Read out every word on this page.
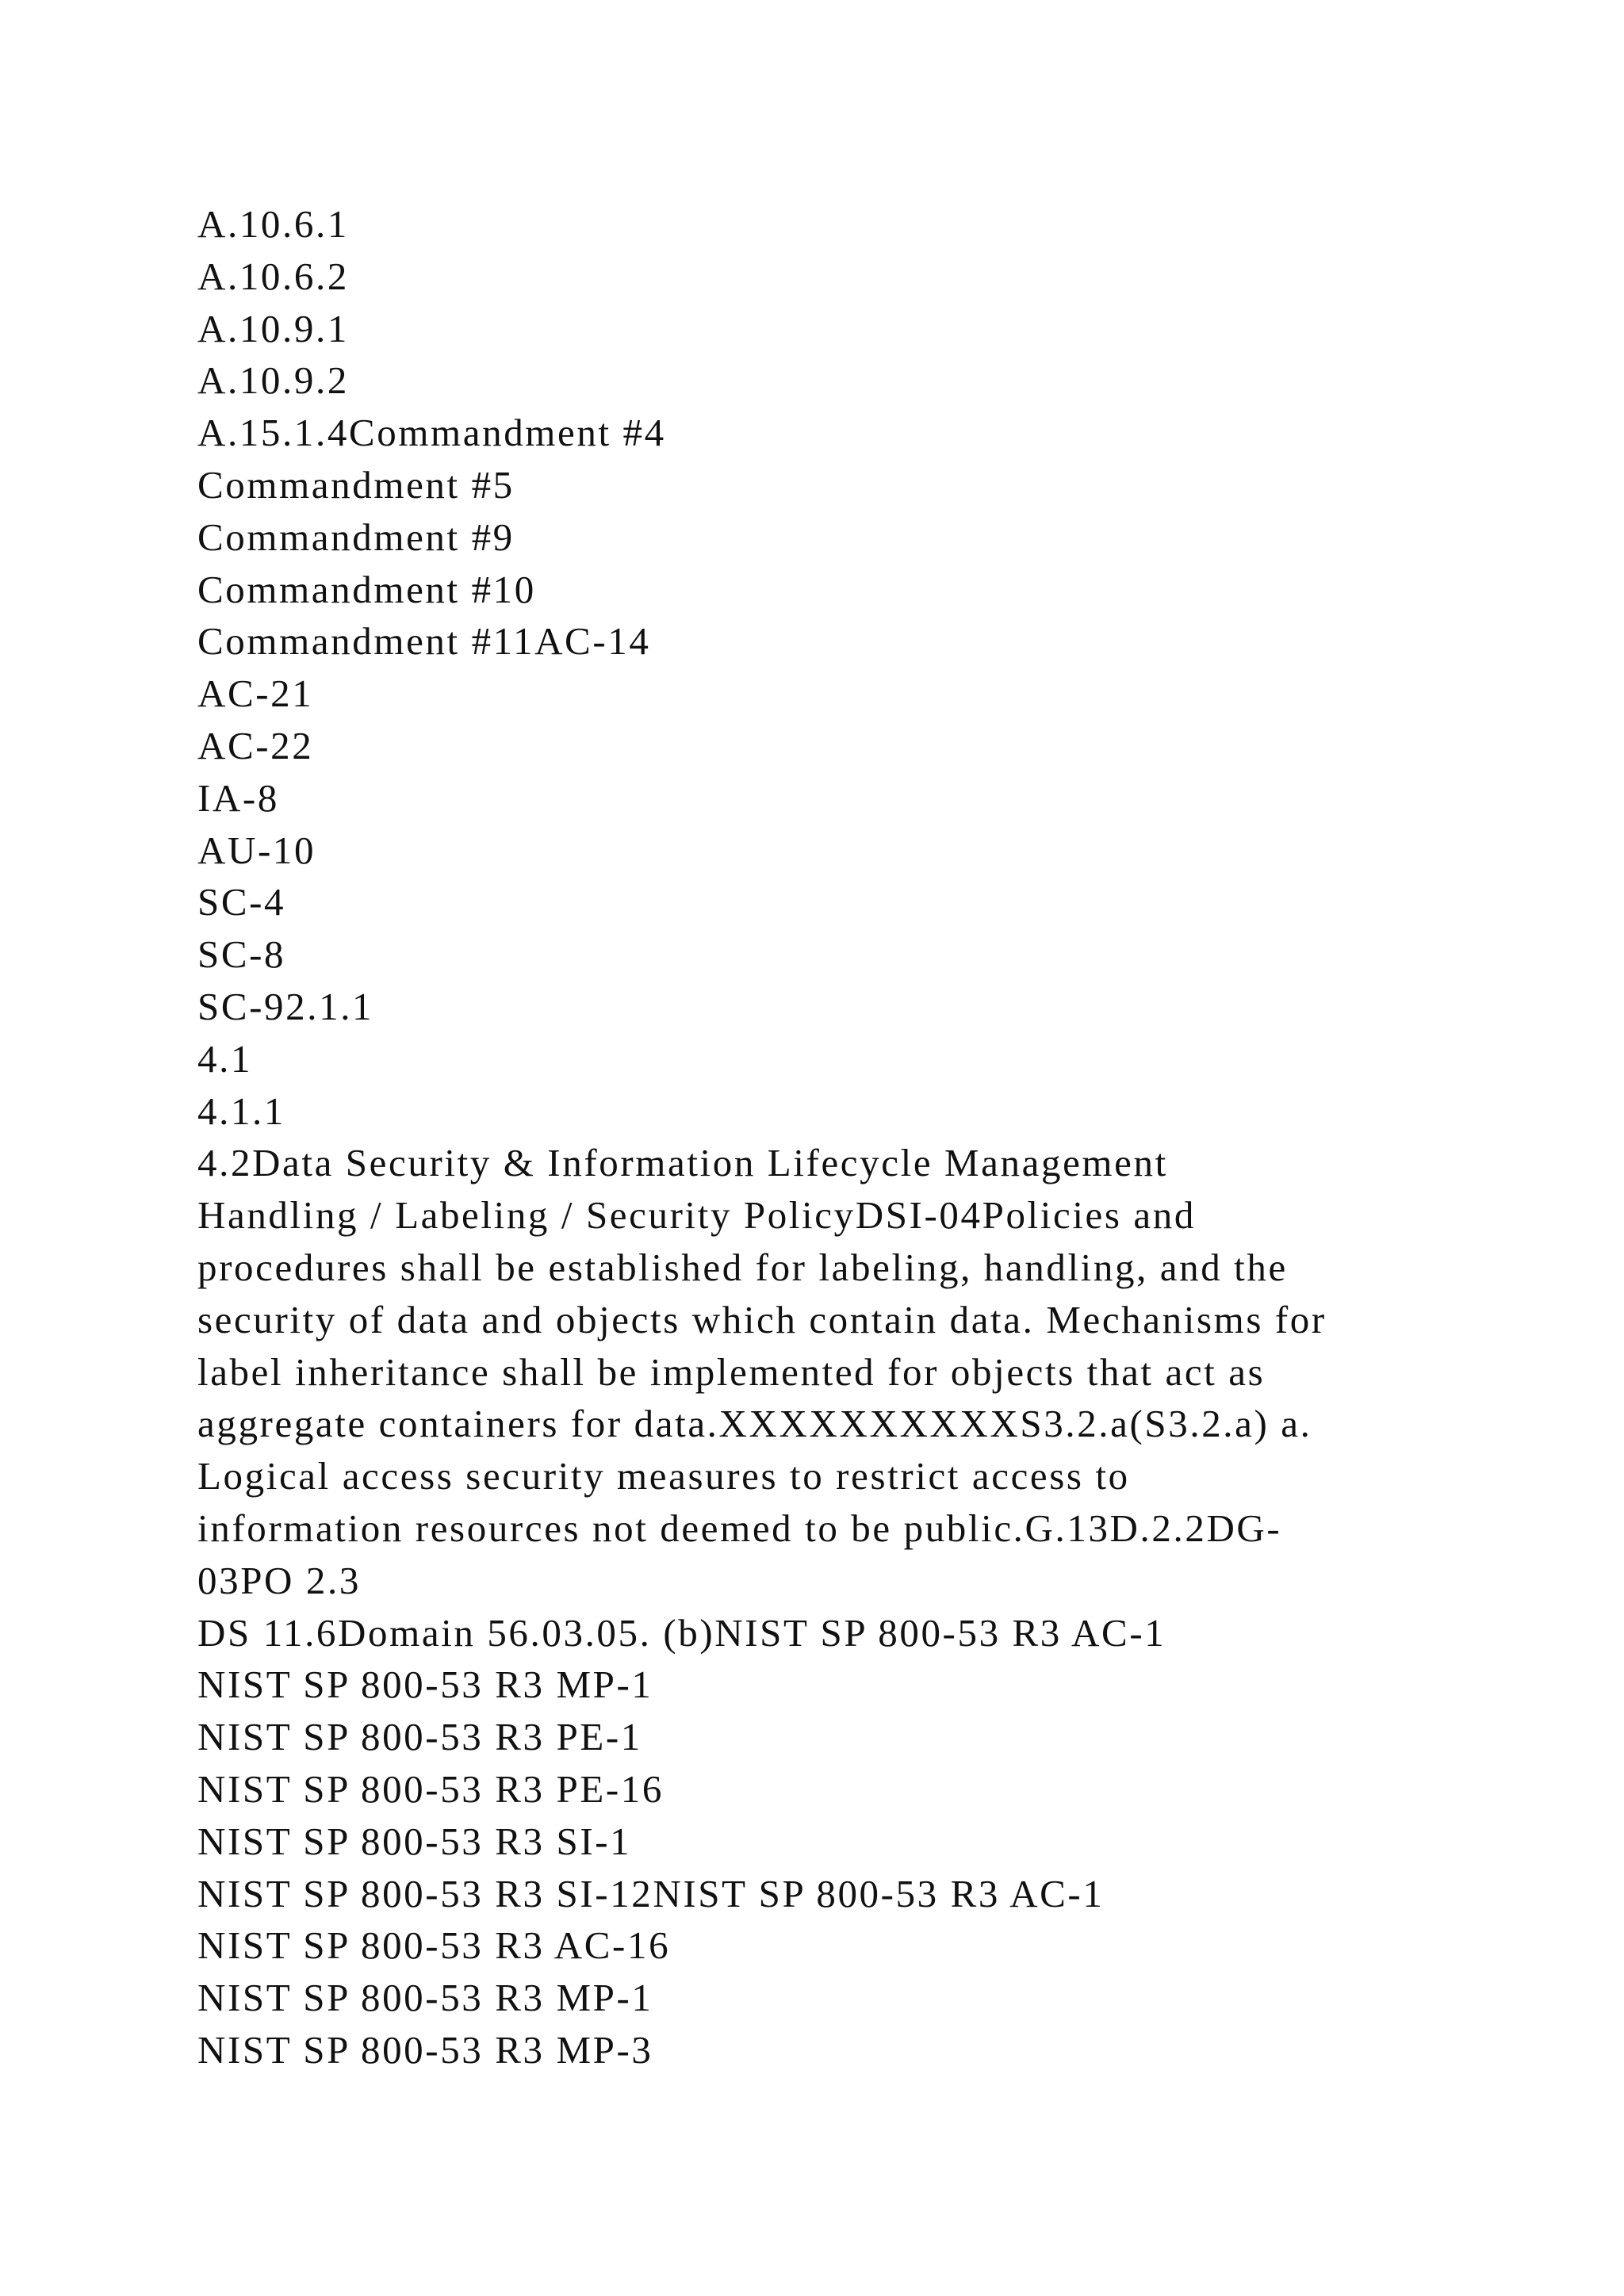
A.10.6.1
A.10.6.2
A.10.9.1
A.10.9.2
A.15.1.4Commandment #4
Commandment #5
Commandment #9
Commandment #10
Commandment #11AC-14
AC-21
AC-22
IA-8
AU-10
SC-4
SC-8
SC-92.1.1
4.1
4.1.1
4.2Data Security & Information Lifecycle Management
Handling / Labeling / Security PolicyDSI-04Policies and
procedures shall be established for labeling, handling, and the
security of data and objects which contain data. Mechanisms for
label inheritance shall be implemented for objects that act as
aggregate containers for data.XXXXXXXXXXS3.2.a(S3.2.a) a.
Logical access security measures to restrict access to
information resources not deemed to be public.G.13D.2.2DG-
03PO 2.3
DS 11.6Domain 56.03.05. (b)NIST SP 800-53 R3 AC-1
NIST SP 800-53 R3 MP-1
NIST SP 800-53 R3 PE-1
NIST SP 800-53 R3 PE-16
NIST SP 800-53 R3 SI-1
NIST SP 800-53 R3 SI-12NIST SP 800-53 R3 AC-1
NIST SP 800-53 R3 AC-16
NIST SP 800-53 R3 MP-1
NIST SP 800-53 R3 MP-3
